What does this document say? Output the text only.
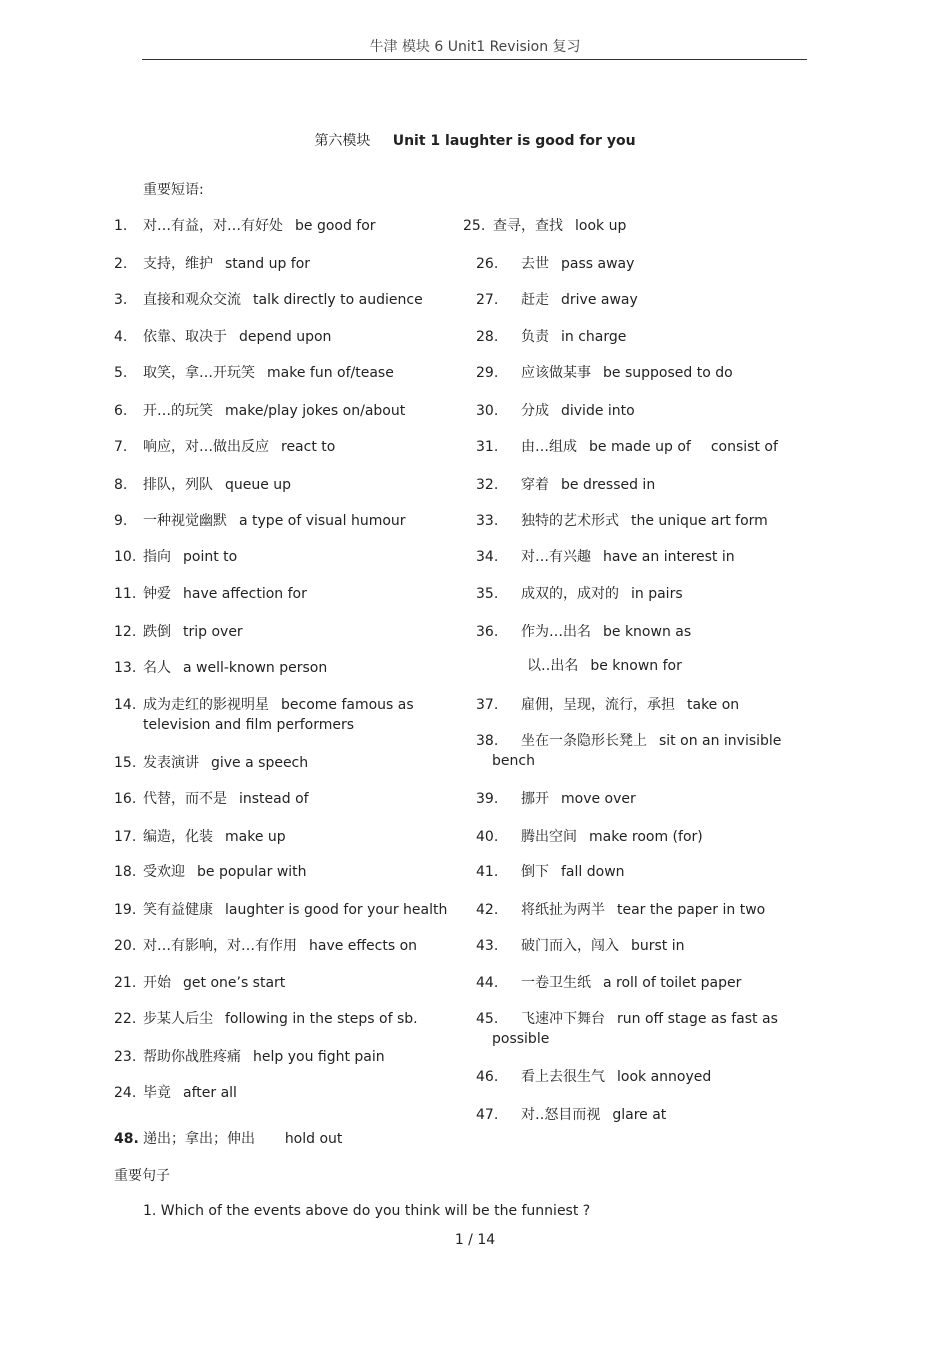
牛津 模块 6 Unit1 Revision 复习
第六模块 Unit 1 laughter is good for you
重要短语:
1. 对…有益，对…有好处 be good for
2. 支持，维护 stand up for
3. 直接和观众交流 talk directly to audience
4. 依靠、取决于 depend upon
5. 取笑，拿…开玩笑 make fun of/tease
6. 开…的玩笑 make/play jokes on/about
7. 响应，对…做出反应 react to
8. 排队，列队 queue up
9. 一种视觉幽默 a type of visual humour
10. 指向 point to
11. 钟爱 have affection for
12. 跌倒 trip over
13. 名人 a well-known person
14. 成为走红的影视明星 become famous as
television and film performers
15. 发表演讲 give a speech
16. 代替，而不是 instead of
17. 编造，化装 make up
18. 受欢迎 be popular with
19. 笑有益健康 laughter is good for your health
20. 对…有影响，对…有作用 have effects on
21. 开始 get one’s start
22. 步某人后尘 following in the steps of sb.
23. 帮助你战胜疼痛 help you fight pain
24. 毕竟 after all
25. 查寻，查找 look up
26. 去世 pass away
27. 赶走 drive away
28. 负责 in charge
29. 应该做某事 be supposed to do
30. 分成 divide into
31. 由…组成 be made up of consist of
32. 穿着 be dressed in
33. 独特的艺术形式 the unique art form
34. 对…有兴趣 have an interest in
35. 成双的，成对的 in pairs
36. 作为…出名 be known as
以‥出名 be known for
37. 雇佣，呈现，流行，承担 take on
38. 坐在一条隐形长凳上 sit on an invisible
bench
39. 挪开 move over
40. 腾出空间 make room (for)
41. 倒下 fall down
42. 将纸扯为两半 tear the paper in two
43. 破门而入，闯入 burst in
44. 一卷卫生纸 a roll of toilet paper
45. 飞速冲下舞台 run off stage as fast as
possible
46. 看上去很生气 look annoyed
47. 对‥怒目而视 glare at
48. 递出；拿出；伸出 hold out
重要句子
1. Which of the events above do you think will be the funniest ?
1 / 14
